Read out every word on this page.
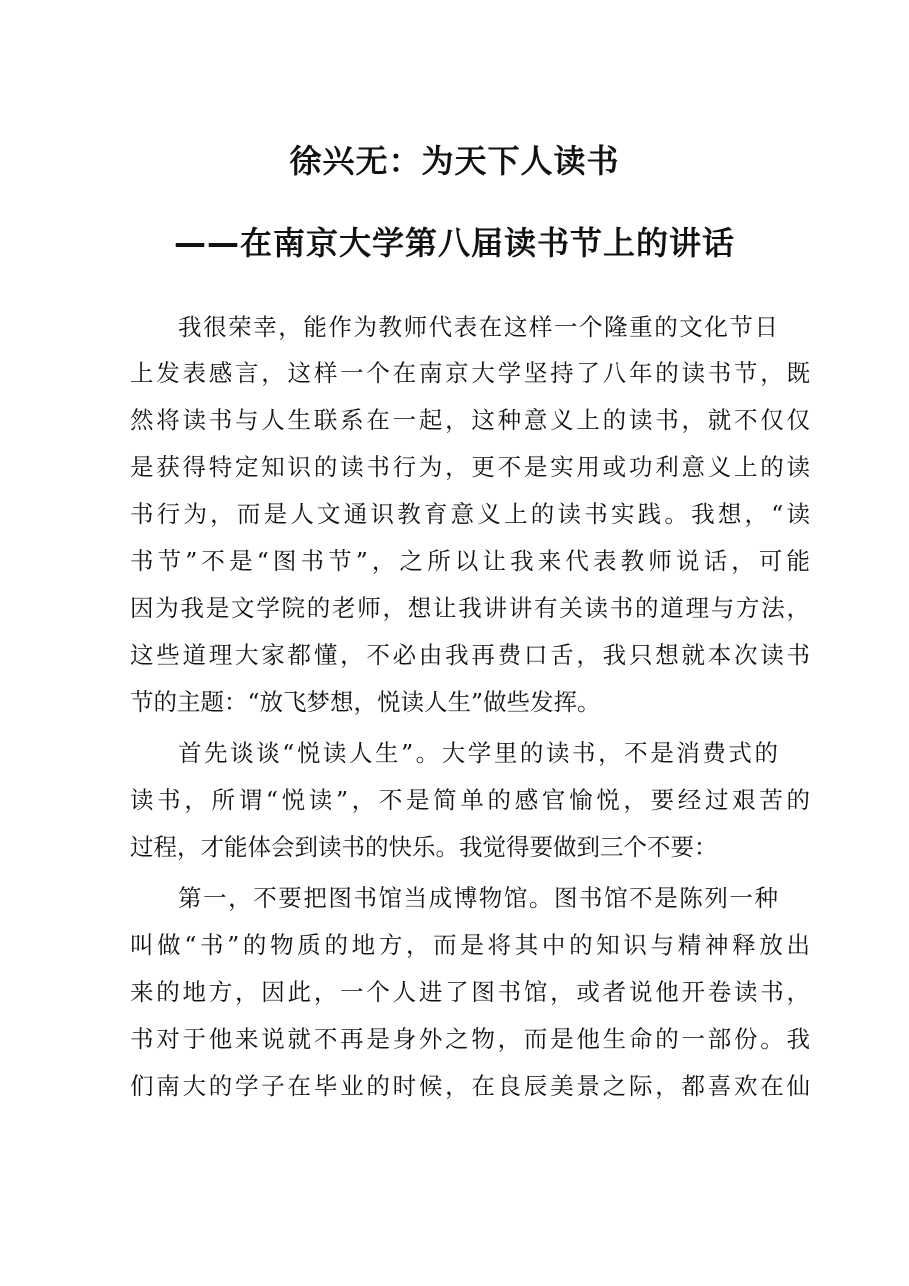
徐兴无：为天下人读书
——在南京大学第八届读书节上的讲话
我很荣幸，能作为教师代表在这样一个隆重的文化节日
上发表感言，这样一个在南京大学坚持了八年的读书节，既
然将读书与人生联系在一起，这种意义上的读书，就不仅仅
是获得特定知识的读书行为，更不是实用或功利意义上的读
书行为，而是人文通识教育意义上的读书实践。我想，“读
书节”不是“图书节”，之所以让我来代表教师说话，可能
因为我是文学院的老师，想让我讲讲有关读书的道理与方法，
这些道理大家都懂，不必由我再费口舌，我只想就本次读书
节的主题：“放飞梦想，悦读人生”做些发挥。
首先谈谈“悦读人生”。大学里的读书，不是消费式的
读书，所谓“悦读”，不是简单的感官愉悦，要经过艰苦的
过程，才能体会到读书的快乐。我觉得要做到三个不要：
第一，不要把图书馆当成博物馆。图书馆不是陈列一种
叫做“书”的物质的地方，而是将其中的知识与精神释放出
来的地方，因此，一个人进了图书馆，或者说他开卷读书，
书对于他来说就不再是身外之物，而是他生命的一部份。我
们南大的学子在毕业的时候，在良辰美景之际，都喜欢在仙
